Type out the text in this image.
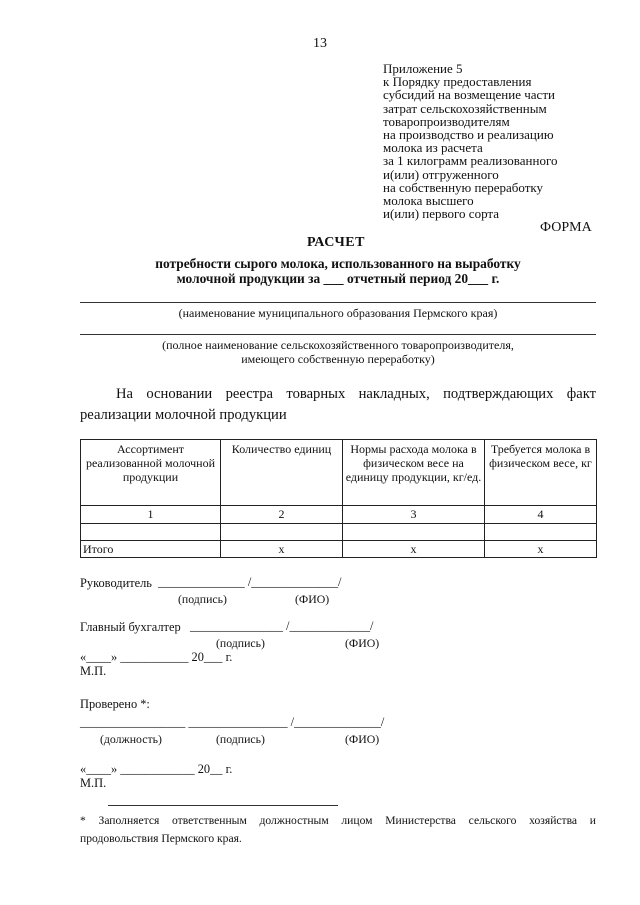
13
Приложение 5
к Порядку предоставления
субсидий на возмещение части
затрат сельскохозяйственным
товаропроизводителям
на производство и реализацию
молока из расчета
за 1 килограмм реализованного
и(или) отгруженного
на собственную переработку
молока высшего
и(или) первого сорта
ФОРМА
РАСЧЕТ
потребности сырого молока, использованного на выработку
молочной продукции за ___ отчетный период 20___ г.
(наименование муниципального образования Пермского края)
(полное наименование сельскохозяйственного товаропроизводителя,
имеющего собственную переработку)
На основании реестра товарных накладных, подтверждающих факт реализации молочной продукции
Ассортимент реализованной молочной продукции	Количество единиц	Нормы расхода молока в физическом весе на единицу продукции, кг/ед.	Требуется молока в физическом весе, кг
1	2	3	4

Итого	х	х	х
Руководитель ______________ /______________/
(подпись)	(ФИО)
Главный бухгалтер _______________ /_____________/
(подпись)	(ФИО)
«____» ___________ 20___ г.
М.П.
Проверено *:
_________________ ________________ /______________/
(должность)	(подпись)	(ФИО)
«____» ____________ 20__ г.
М.П.
* Заполняется ответственным должностным лицом Министерства сельского хозяйства и продовольствия Пермского края.
